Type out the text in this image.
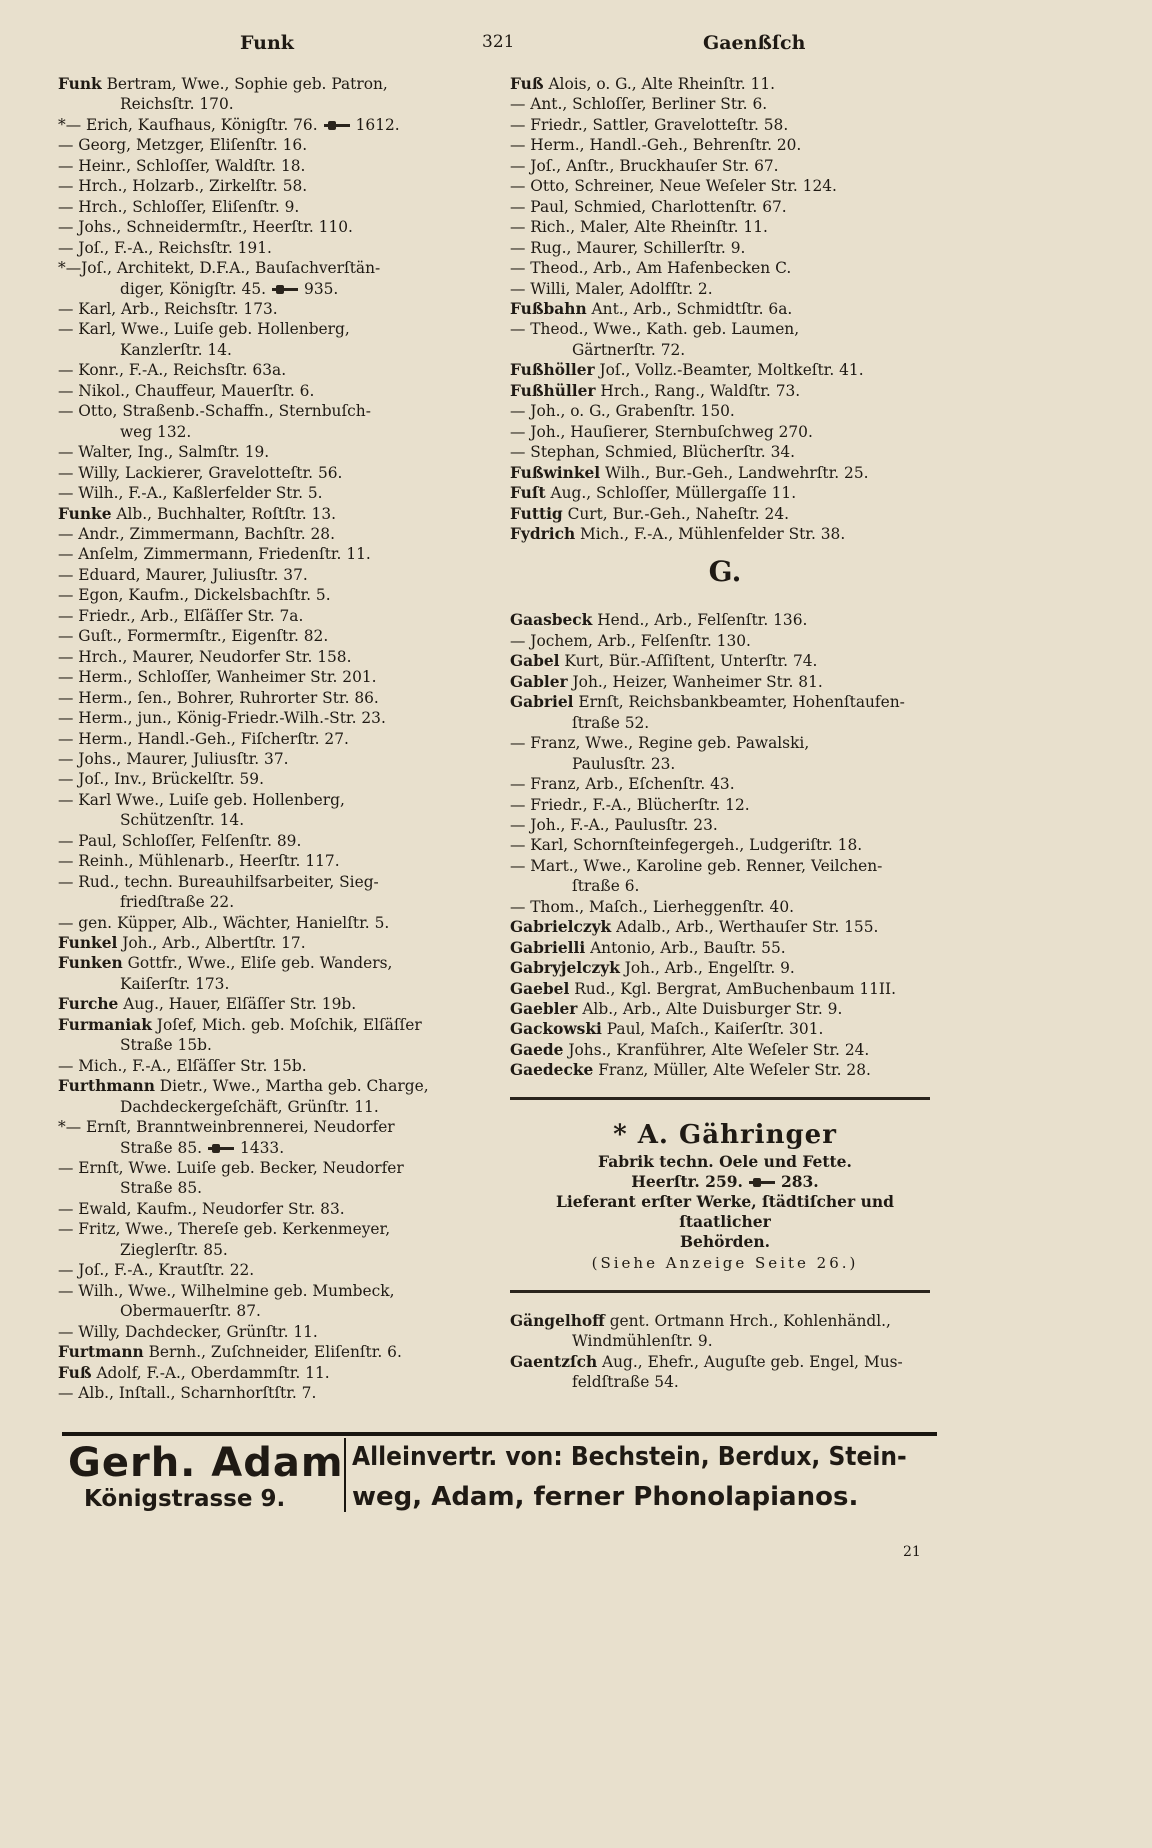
Funk	321	Gaenßſch
Funk Bertram, Wwe., Sophie geb. Patron,
Reichsſtr. 170.
*— Erich, Kaufhaus, Königſtr. 76. 1612.
— Georg, Metzger, Eliſenſtr. 16.
— Heinr., Schloſſer, Waldſtr. 18.
— Hrch., Holzarb., Zirkelſtr. 58.
— Hrch., Schloſſer, Eliſenſtr. 9.
— Johs., Schneidermſtr., Heerſtr. 110.
— Joſ., F.-A., Reichsſtr. 191.
*—Joſ., Architekt, D.F.A., Bauſachverſtän-
diger, Königſtr. 45. 935.
— Karl, Arb., Reichsſtr. 173.
— Karl, Wwe., Luiſe geb. Hollenberg,
Kanzlerſtr. 14.
— Konr., F.-A., Reichsſtr. 63a.
— Nikol., Chauffeur, Mauerſtr. 6.
— Otto, Straßenb.-Schaffn., Sternbuſch-
weg 132.
— Walter, Ing., Salmſtr. 19.
— Willy, Lackierer, Gravelotteſtr. 56.
— Wilh., F.-A., Kaßlerfelder Str. 5.
Funke Alb., Buchhalter, Roſtſtr. 13.
— Andr., Zimmermann, Bachſtr. 28.
— Anſelm, Zimmermann, Friedenſtr. 11.
— Eduard, Maurer, Juliusſtr. 37.
— Egon, Kaufm., Dickelsbachſtr. 5.
— Friedr., Arb., Elſäſſer Str. 7a.
— Guſt., Formermſtr., Eigenſtr. 82.
— Hrch., Maurer, Neudorfer Str. 158.
— Herm., Schloſſer, Wanheimer Str. 201.
— Herm., ſen., Bohrer, Ruhrorter Str. 86.
— Herm., jun., König-Friedr.-Wilh.-Str. 23.
— Herm., Handl.-Geh., Fiſcherſtr. 27.
— Johs., Maurer, Juliusſtr. 37.
— Joſ., Inv., Brückelſtr. 59.
— Karl Wwe., Luiſe geb. Hollenberg,
Schützenſtr. 14.
— Paul, Schloſſer, Felſenſtr. 89.
— Reinh., Mühlenarb., Heerſtr. 117.
— Rud., techn. Bureauhilfsarbeiter, Sieg-
friedſtraße 22.
— gen. Küpper, Alb., Wächter, Hanielſtr. 5.
Funkel Joh., Arb., Albertſtr. 17.
Funken Gottfr., Wwe., Eliſe geb. Wanders,
Kaiſerſtr. 173.
Furche Aug., Hauer, Elſäſſer Str. 19b.
Furmaniak Joſef, Mich. geb. Moſchik, Elſäſſer
Straße 15b.
— Mich., F.-A., Elſäſſer Str. 15b.
Furthmann Dietr., Wwe., Martha geb. Charge,
Dachdeckergeſchäft, Grünſtr. 11.
*— Ernſt, Branntweinbrennerei, Neudorfer
Straße 85. 1433.
— Ernſt, Wwe. Luiſe geb. Becker, Neudorfer
Straße 85.
— Ewald, Kaufm., Neudorfer Str. 83.
— Fritz, Wwe., Thereſe geb. Kerkenmeyer,
Zieglerſtr. 85.
— Joſ., F.-A., Krautſtr. 22.
— Wilh., Wwe., Wilhelmine geb. Mumbeck,
Obermauerſtr. 87.
— Willy, Dachdecker, Grünſtr. 11.
Furtmann Bernh., Zuſchneider, Eliſenſtr. 6.
Fuß Adolf, F.-A., Oberdammſtr. 11.
— Alb., Inſtall., Scharnhorſtſtr. 7.
Fuß Alois, o. G., Alte Rheinſtr. 11.
— Ant., Schloſſer, Berliner Str. 6.
— Friedr., Sattler, Gravelotteſtr. 58.
— Herm., Handl.-Geh., Behrenſtr. 20.
— Joſ., Anſtr., Bruckhauſer Str. 67.
— Otto, Schreiner, Neue Weſeler Str. 124.
— Paul, Schmied, Charlottenſtr. 67.
— Rich., Maler, Alte Rheinſtr. 11.
— Rug., Maurer, Schillerſtr. 9.
— Theod., Arb., Am Hafenbecken C.
— Willi, Maler, Adolfſtr. 2.
Fußbahn Ant., Arb., Schmidtſtr. 6a.
— Theod., Wwe., Kath. geb. Laumen,
Gärtnerſtr. 72.
Fußhöller Joſ., Vollz.-Beamter, Moltkeſtr. 41.
Fußhüller Hrch., Rang., Waldſtr. 73.
— Joh., o. G., Grabenſtr. 150.
— Joh., Hauſierer, Sternbuſchweg 270.
— Stephan, Schmied, Blücherſtr. 34.
Fußwinkel Wilh., Bur.-Geh., Landwehrſtr. 25.
Fuſt Aug., Schloſſer, Müllergaſſe 11.
Futtig Curt, Bur.-Geh., Naheſtr. 24.
Fydrich Mich., F.-A., Mühlenfelder Str. 38.
G.
Gaasbeck Hend., Arb., Felſenſtr. 136.
— Jochem, Arb., Felſenſtr. 130.
Gabel Kurt, Bür.-Aſſiſtent, Unterſtr. 74.
Gabler Joh., Heizer, Wanheimer Str. 81.
Gabriel Ernſt, Reichsbankbeamter, Hohenſtaufen-
ſtraße 52.
— Franz, Wwe., Regine geb. Pawalski,
Paulusſtr. 23.
— Franz, Arb., Eſchenſtr. 43.
— Friedr., F.-A., Blücherſtr. 12.
— Joh., F.-A., Paulusſtr. 23.
— Karl, Schornſteinfegergeh., Ludgeriſtr. 18.
— Mart., Wwe., Karoline geb. Renner, Veilchen-
ſtraße 6.
— Thom., Maſch., Lierheggenſtr. 40.
Gabrielczyk Adalb., Arb., Werthauſer Str. 155.
Gabrielli Antonio, Arb., Bauſtr. 55.
Gabryjelczyk Joh., Arb., Engelſtr. 9.
Gaebel Rud., Kgl. Bergrat, AmBuchenbaum 11II.
Gaebler Alb., Arb., Alte Duisburger Str. 9.
Gackowski Paul, Maſch., Kaiſerſtr. 301.
Gaede Johs., Kranführer, Alte Weſeler Str. 24.
Gaedecke Franz, Müller, Alte Weſeler Str. 28.
* A. Gähringer
Fabrik techn. Oele und Fette.
Heerſtr. 259. 283.
Lieferant erſter Werke, ſtädtiſcher und ſtaatlicher
Behörden.
(Siehe Anzeige Seite 26.)
Gängelhoff gent. Ortmann Hrch., Kohlenhändl.,
Windmühlenſtr. 9.
Gaentzſch Aug., Ehefr., Auguſte geb. Engel, Mus-
feldſtraße 54.
Gerh. Adam
Königstrasse 9.
Alleinvertr. von: Bechstein, Berdux, Stein-
weg, Adam, ferner Phonolapianos.
21
